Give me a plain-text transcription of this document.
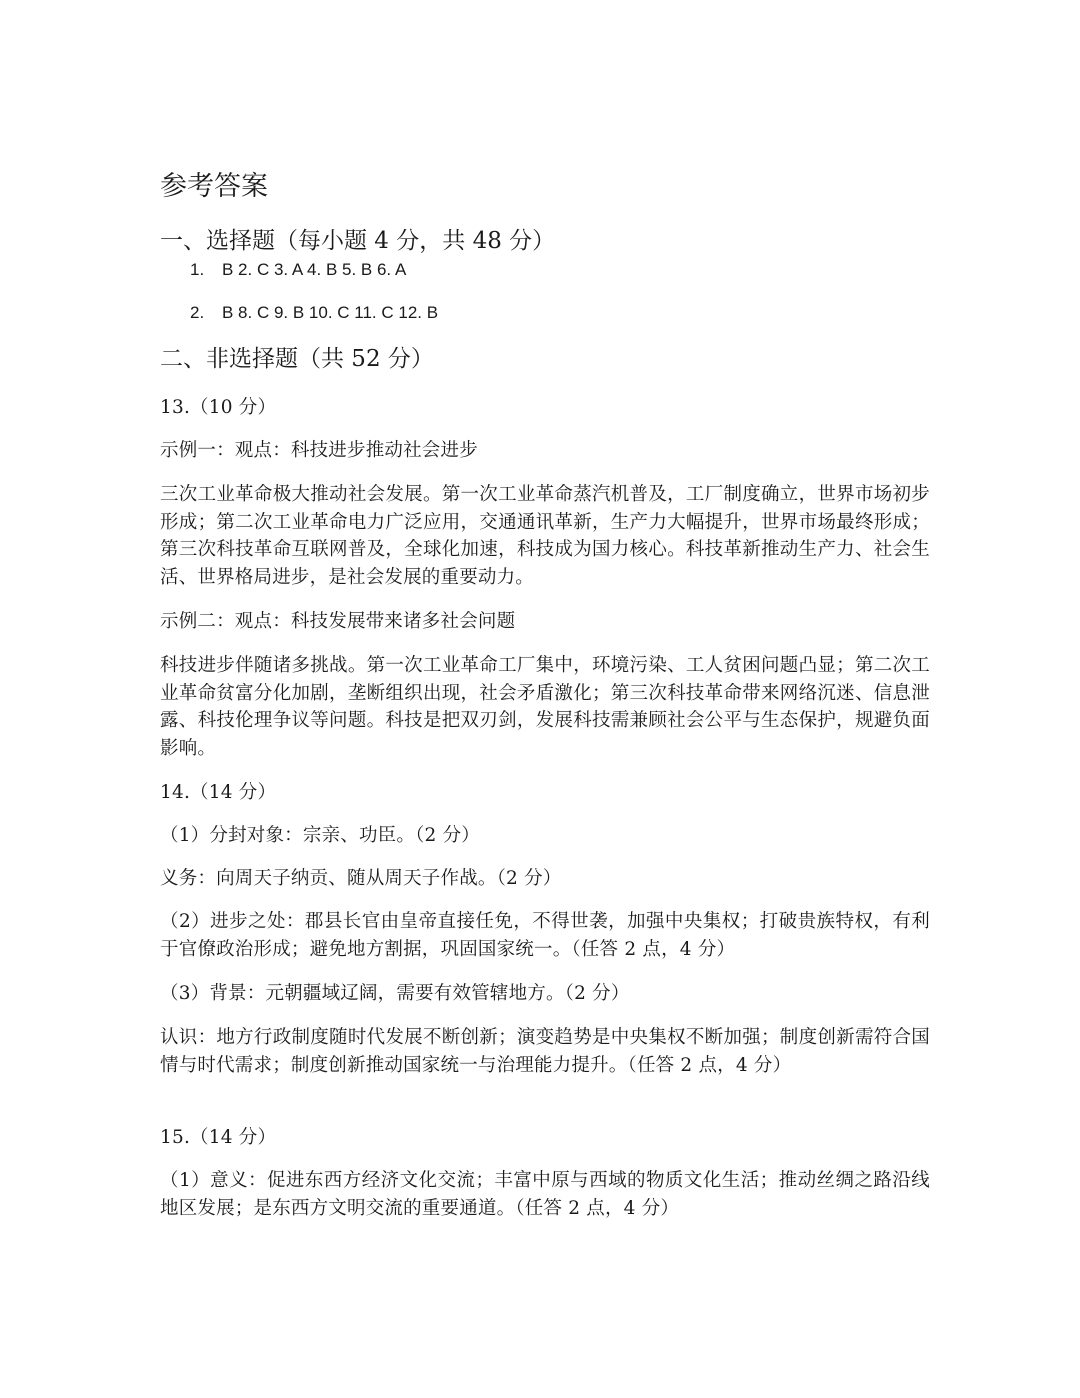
参考答案
一、选择题（每小题 4 分，共 48 分）
1. B 2. C 3. A 4. B 5. B 6. A
2. B 8. C 9. B 10. C 11. C 12. B
二、非选择题（共 52 分）
13.（10 分）
示例一：观点：科技进步推动社会进步
三次工业革命极大推动社会发展。第一次工业革命蒸汽机普及，工厂制度确立，世界市场初步形成；第二次工业革命电力广泛应用，交通通讯革新，生产力大幅提升，世界市场最终形成；第三次科技革命互联网普及，全球化加速，科技成为国力核心。科技革新推动生产力、社会生活、世界格局进步，是社会发展的重要动力。
示例二：观点：科技发展带来诸多社会问题
科技进步伴随诸多挑战。第一次工业革命工厂集中，环境污染、工人贫困问题凸显；第二次工业革命贫富分化加剧，垄断组织出现，社会矛盾激化；第三次科技革命带来网络沉迷、信息泄露、科技伦理争议等问题。科技是把双刃剑，发展科技需兼顾社会公平与生态保护，规避负面影响。
14.（14 分）
（1）分封对象：宗亲、功臣。（2 分）
义务：向周天子纳贡、随从周天子作战。（2 分）
（2）进步之处：郡县长官由皇帝直接任免，不得世袭，加强中央集权；打破贵族特权，有利于官僚政治形成；避免地方割据，巩固国家统一。（任答 2 点，4 分）
（3）背景：元朝疆域辽阔，需要有效管辖地方。（2 分）
认识：地方行政制度随时代发展不断创新；演变趋势是中央集权不断加强；制度创新需符合国情与时代需求；制度创新推动国家统一与治理能力提升。（任答 2 点，4 分）
15.（14 分）
（1）意义：促进东西方经济文化交流；丰富中原与西域的物质文化生活；推动丝绸之路沿线地区发展；是东西方文明交流的重要通道。（任答 2 点，4 分）
